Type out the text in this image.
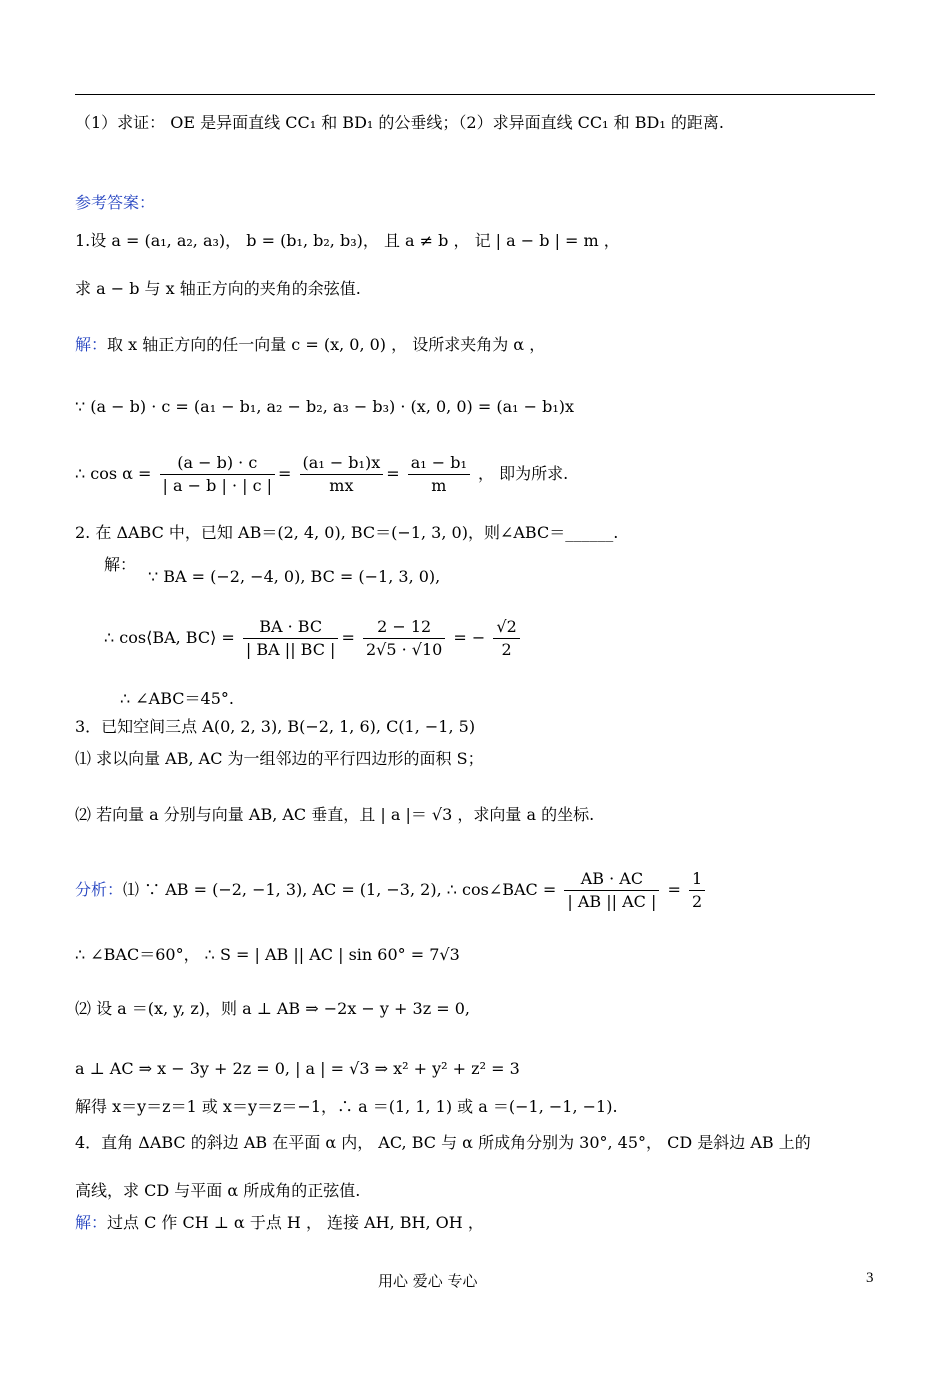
（1）求证： OE 是异面直线 CC₁ 和 BD₁ 的公垂线；（2）求异面直线 CC₁ 和 BD₁ 的距离.
参考答案：
1.设 a = (a₁, a₂, a₃)， b = (b₁, b₂, b₃)， 且 a ≠ b ， 记 | a − b | = m ，
求 a − b 与 x 轴正方向的夹角的余弦值.
解：取 x 轴正方向的任一向量 c = (x, 0, 0) ， 设所求夹角为 α ，
∵ (a − b) · c = (a₁ − b₁, a₂ − b₂, a₃ − b₃) · (x, 0, 0) = (a₁ − b₁)x
∴ $\cos \alpha = \frac{(a - b) \cdot c}{| a - b | \cdot | c |} = \frac{\text{(a₁ − b₁)x}}{mx} = \frac{\text{a₁ − b₁}}{m}$ ， 即为所求.
2. 在 ΔABC 中，已知 AB＝(2, 4, 0), BC＝(−1, 3, 0)，则∠ABC＝______.
解：
∵ BA = (−2, −4, 0), BC = (−1, 3, 0),
∴ cos⟨BA, BC⟩ = $\frac{BA \cdot BC}{| BA || BC |} = \frac{2 - 12}{2√5 \cdot √10}$ = − $\frac{√2}{2}$
∴ ∠ABC＝45°.
3．已知空间三点 A(0, 2, 3), B(−2, 1, 6), C(1, −1, 5)
⑴ 求以向量 AB, AC 为一组邻边的平行四边形的面积 S；
⑵ 若向量 a 分别与向量 AB, AC 垂直，且 | a |＝ √3 ，求向量 a 的坐标.
分析：⑴ ∵ AB = (−2, −1, 3), AC = (1, −3, 2), ∴ cos∠BAC = $\frac{AB \cdot AC}{| AB || AC |} = \frac{1}{2}$
∴ ∠BAC＝60°， ∴ S = | AB || AC | sin 60° = 7√3
⑵ 设 a ＝(x, y, z)，则 a ⊥ AB ⇒ −2x − y + 3z = 0,
a ⊥ AC ⇒ x − 3y + 2z = 0, | a | = √3 ⇒ x² + y² + z² = 3
解得 x＝y＝z＝1 或 x＝y＝z＝−1，∴ a ＝(1, 1, 1) 或 a ＝(−1, −1, −1).
4．直角 ΔABC 的斜边 AB 在平面 α 内， AC, BC 与 α 所成角分别为 30°, 45°， CD 是斜边 AB 上的
高线，求 CD 与平面 α 所成角的正弦值.
解：过点 C 作 CH ⊥ α 于点 H ， 连接 AH, BH, OH ，
用心 爱心 专心	3
